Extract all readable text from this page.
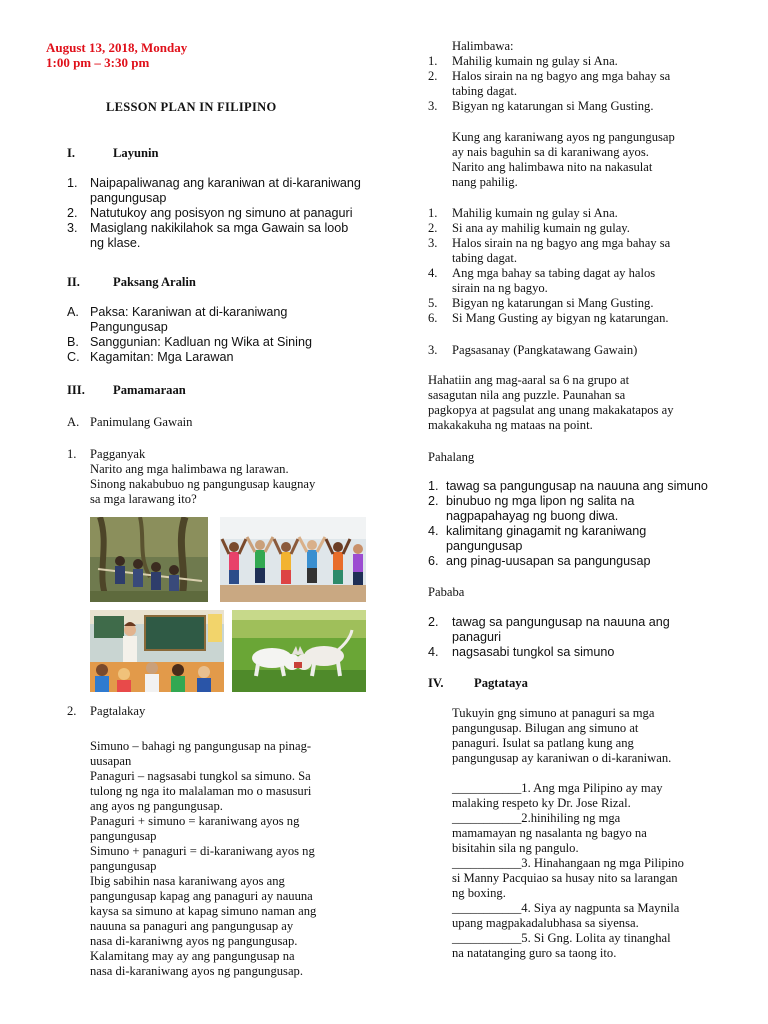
August 13, 2018, Monday

1:00 pm – 3:30 pm

LESSON PLAN IN FILIPINO

I.	Layunin

1. Naipapaliwanag ang karaniwan at di-karaniwang

pangungusap

2. Natutukoy ang posisyon ng simuno at panaguri

3. Masiglang nakikilahok sa mga Gawain sa loob

ng klase.

II.	Paksang Aralin

A. Paksa: Karaniwan at di-karaniwang

Pangungusap

B. Sanggunian: Kadluan ng Wika at Sining

C. Kagamitan: Mga Larawan

III. Pamamaraan

A. Panimulang Gawain

1. Pagganyak

Narito ang mga halimbawa ng larawan.

Sinong nakabubuo ng pangungusap kaugnay

sa mga larawang ito?

2. Pagtalakay

Simuno – bahagi ng pangungusap na pinag-

uusapan

Panaguri – nagsasabi tungkol sa simuno. Sa

tulong ng nga ito malalaman mo o masusuri

ang ayos ng pangungusap.

Panaguri + simuno = karaniwang ayos ng

pangungusap

Simuno + panaguri = di-karaniwang ayos ng

pangungusap

Ibig sabihin nasa karaniwang ayos ang

pangungusap kapag ang panaguri ay nauuna

kaysa sa simuno at kapag simuno naman ang

nauuna sa panaguri ang pangungusap ay

nasa di-karaniwng ayos ng pangungusap.

Kalamitang may ay ang pangungusap na

nasa di-karaniwang ayos ng pangungusap.

Halimbawa:

1. Mahilig kumain ng gulay si Ana.

2. Halos sirain na ng bagyo ang mga bahay sa

tabing dagat.

3. Bigyan ng katarungan si Mang Gusting.

Kung ang karaniwang ayos ng pangungusap

ay nais baguhin sa di karaniwang ayos.

Narito ang halimbawa nito na nakasulat

nang pahilig.

1. Mahilig kumain ng gulay si Ana.

2. Si ana ay mahilig kumain ng gulay.

3. Halos sirain na ng bagyo ang mga bahay sa

tabing dagat.

4. Ang mga bahay sa tabing dagat ay halos

sirain na ng bagyo.

5. Bigyan ng katarungan si Mang Gusting.

6. Si Mang Gusting ay bigyan ng katarungan.

3. Pagsasanay (Pangkatawang Gawain)

Hahatiin ang mag-aaral sa 6 na grupo at

sasagutan nila ang puzzle. Paunahan sa

pagkopya at pagsulat ang unang makakatapos ay

makakakuha ng mataas na point.

Pahalang

1. tawag sa pangungusap na nauuna ang simuno

2. binubuo ng mga lipon ng salita na

nagpapahayag ng buong diwa.

4. kalimitang ginagamit ng karaniwang

pangungusap

6. ang pinag-uusapan sa pangungusap

Pababa

2. tawag sa pangungusap na nauuna ang

panaguri

4. nagsasabi tungkol sa simuno

IV. Pagtataya

Tukuyin gng simuno at panaguri sa mga

pangungusap. Bilugan ang simuno at

panaguri. Isulat sa patlang kung ang

pangungusap ay karaniwan o di-karaniwan.

___________1. Ang mga Pilipino ay may

malaking respeto ky Dr. Jose Rizal.

___________2.hinihiling ng mga

mamamayan ng nasalanta ng bagyo na

bisitahin sila ng pangulo.

___________3. Hinahangaan ng mga Pilipino

si Manny Pacquiao sa husay nito sa larangan

ng boxing.

___________4. Siya ay nagpunta sa Maynila

upang magpakadalubhasa sa siyensa.

___________5. Si Gng. Lolita ay tinanghal

na natatanging guro sa taong ito.
